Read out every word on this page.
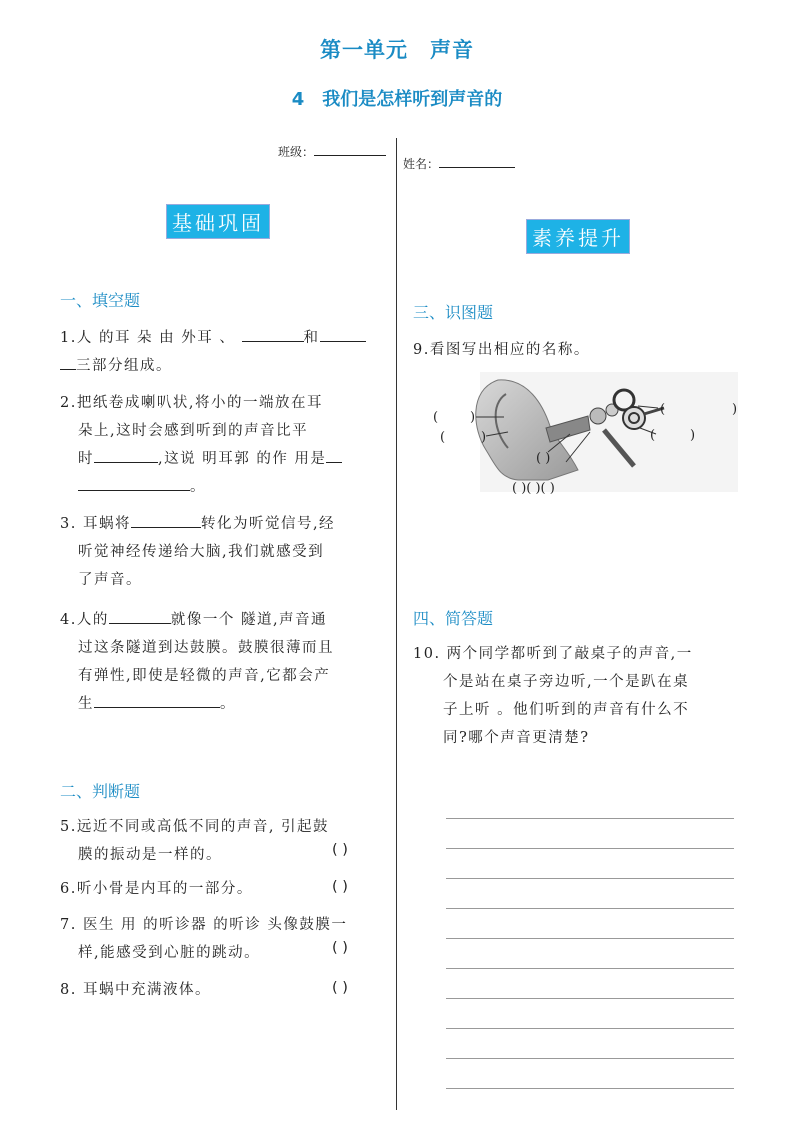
第一单元　声音
4　我们是怎样听到声音的
班级：
姓名：
基础巩固
一、填空题
1.人 的耳 朵 由 外耳 、	和
三部分组成。
2.把纸卷成喇叭状,将小的一端放在耳
朵上,这时会感到听到的声音比平
时	,这说 明耳郭 的作 用是
。
3. 耳蜗将	转化为听觉信号,经
听觉神经传递给大脑,我们就感受到
了声音。
4.人的	就像一个 隧道,声音通
过这条隧道到达鼓膜。鼓膜很薄而且
有弹性,即使是轻微的声音,它都会产
生	。
二、判断题
5.远近不同或高低不同的声音, 引起鼓
膜的振动是一样的。	( )
6.听小骨是内耳的一部分。	( )
7. 医生 用 的听诊器 的听诊 头像鼓膜一
样,能感受到心脏的跳动。	( )
8. 耳蜗中充满液体。	( )
素养提升
三、识图题
9.看图写出相应的名称。
( )
(	)
(	)
(	)
( )
( )( )( )
四、简答题
10. 两个同学都听到了敲桌子的声音,一
个是站在桌子旁边听,一个是趴在桌
子上听 。他们听到的声音有什么不
同?哪个声音更清楚?
